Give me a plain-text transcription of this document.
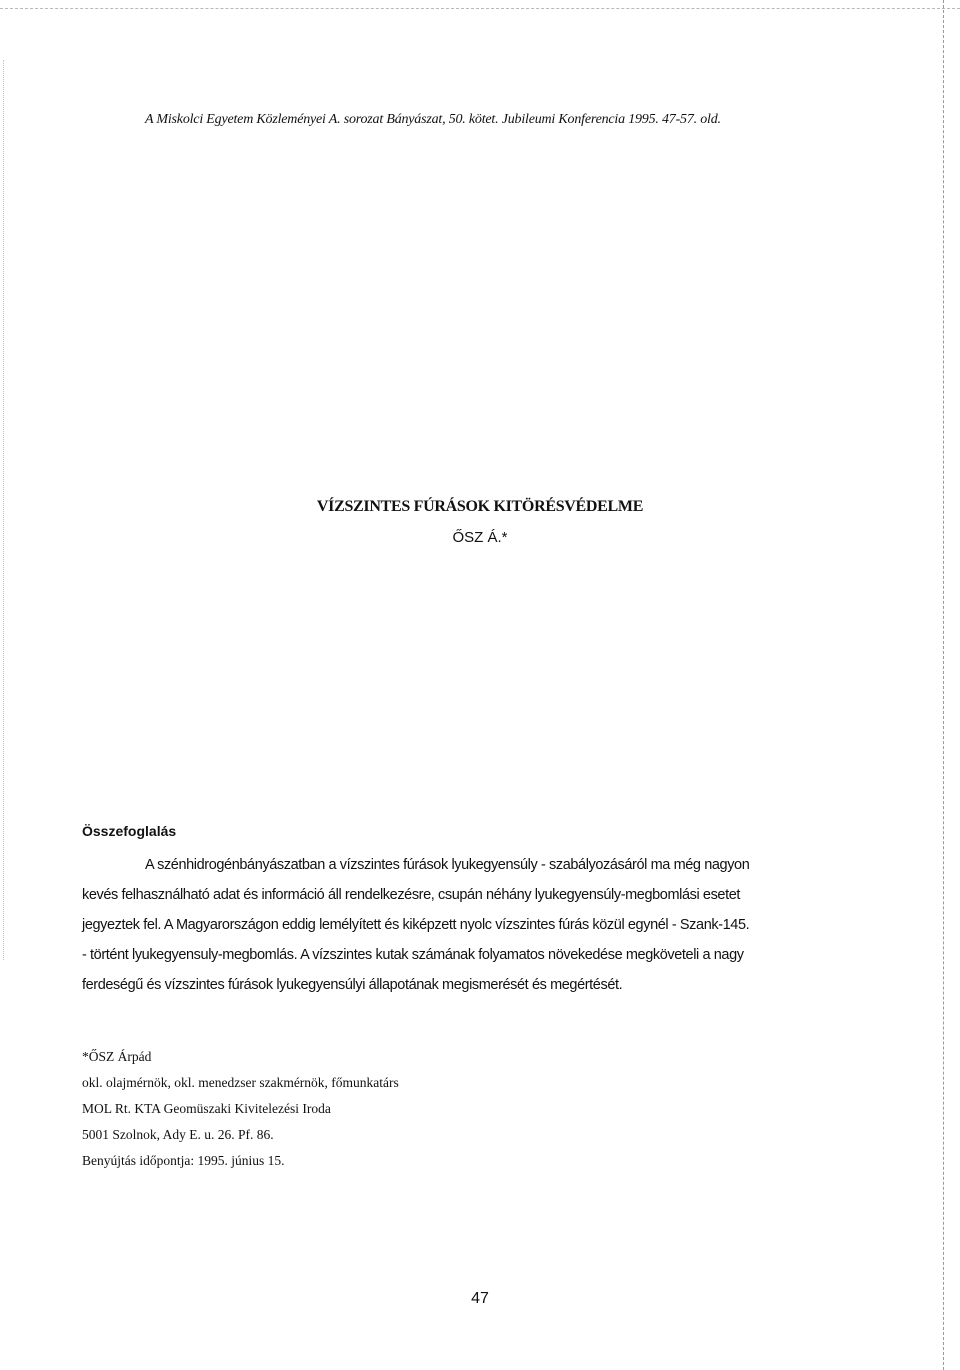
A Miskolci Egyetem Közleményei A. sorozat Bányászat, 50. kötet. Jubileumi Konferencia 1995. 47-57. old.
VÍZSZINTES FÚRÁSOK KITÖRÉSVÉDELME
ŐSZ Á.*
Összefoglalás
A szénhidrogénbányászatban a vízszintes fúrások lyukegyensúly - szabályozásáról ma még nagyon
kevés felhasználható adat és információ áll rendelkezésre, csupán néhány lyukegyensúly-megbomlási esetet
jegyeztek fel. A Magyarországon eddig lemélyített és kiképzett nyolc vízszintes fúrás közül egynél - Szank-145.
- történt lyukegyensuly-megbomlás. A vízszintes kutak számának folyamatos növekedése megköveteli a nagy
ferdeségű és vízszintes fúrások lyukegyensúlyi állapotának megismerését és megértését.
*ŐSZ Árpád
okl. olajmérnök, okl. menedzser szakmérnök, főmunkatárs
MOL Rt. KTA Geomüszaki Kivitelezési Iroda
5001 Szolnok, Ady E. u. 26. Pf. 86.
Benyújtás időpontja: 1995. június 15.
47
